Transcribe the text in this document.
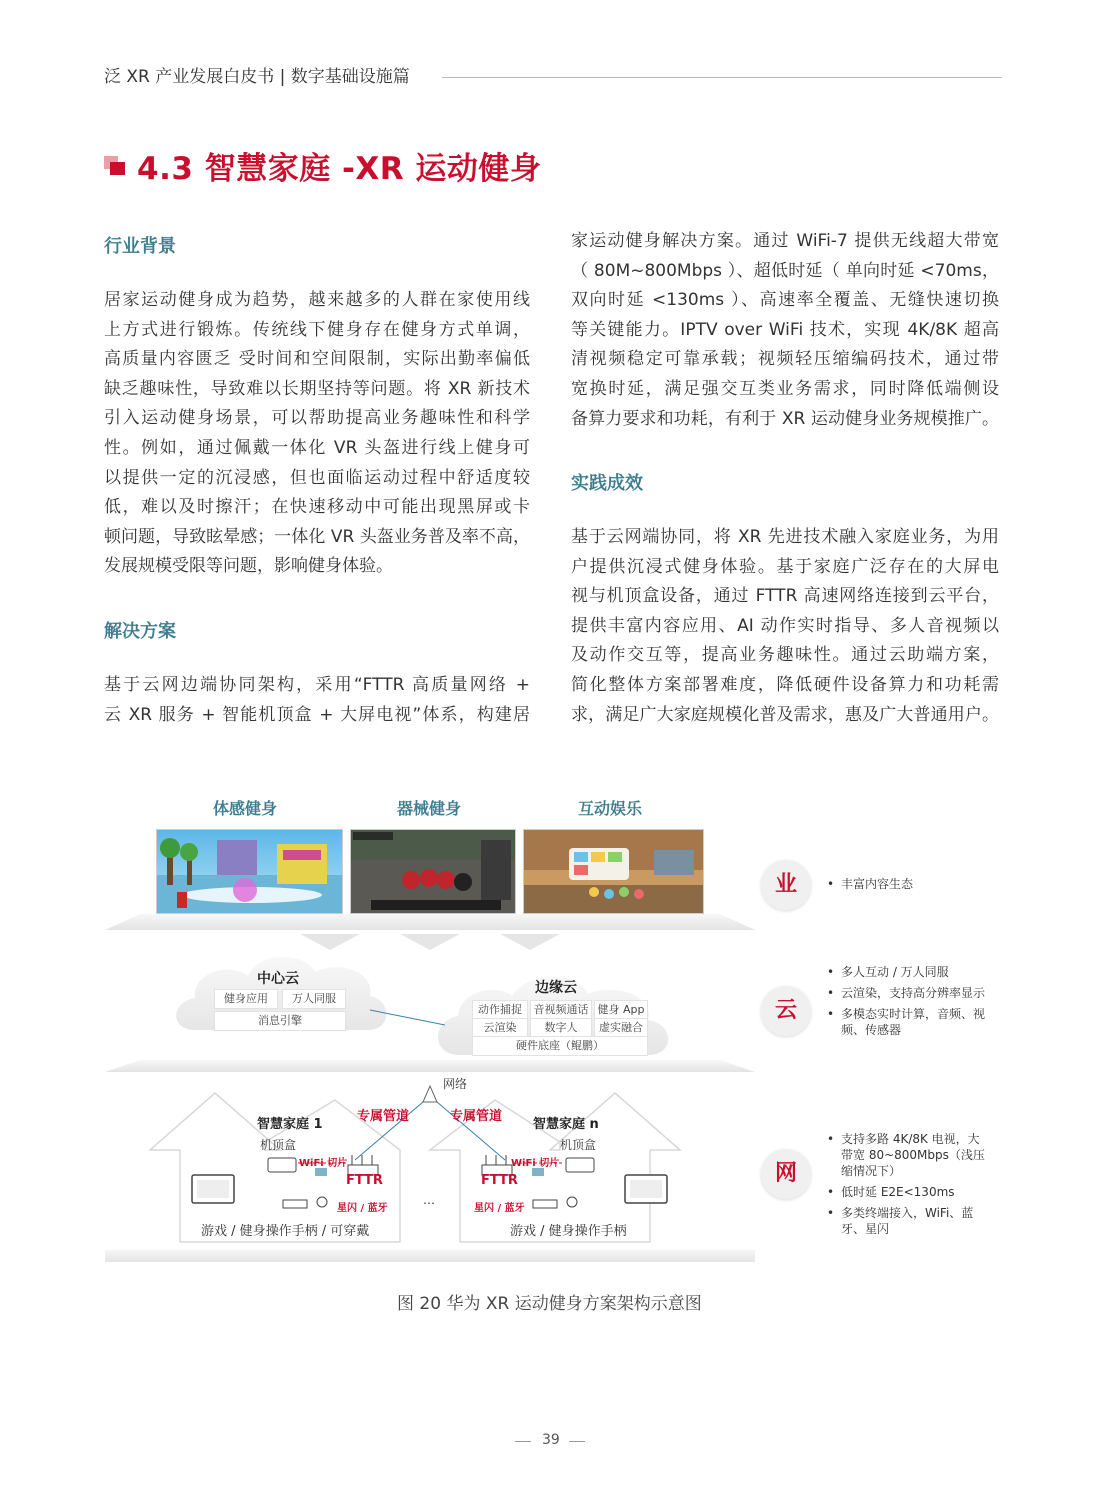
泛 XR 产业发展白皮书 | 数字基础设施篇
4.3 智慧家庭 -XR 运动健身
行业背景
居家运动健身成为趋势，越来越多的人群在家使用线
上方式进行锻炼。传统线下健身存在健身方式单调，
高质量内容匮乏 受时间和空间限制，实际出勤率偏低
缺乏趣味性，导致难以长期坚持等问题。将 XR 新技术
引入运动健身场景，可以帮助提高业务趣味性和科学
性。例如，通过佩戴一体化 VR 头盔进行线上健身可
以提供一定的沉浸感，但也面临运动过程中舒适度较
低，难以及时擦汗；在快速移动中可能出现黑屏或卡
顿问题，导致眩晕感；一体化 VR 头盔业务普及率不高，
发展规模受限等问题，影响健身体验。
解决方案
基于云网边端协同架构，采用“FTTR 高质量网络 +
云 XR 服务 + 智能机顶盒 + 大屏电视”体系，构建居
家运动健身解决方案。通过 WiFi-7 提供无线超大带宽
（ 80M~800Mbps ）、超低时延（ 单向时延 <70ms，
双向时延 <130ms ）、高速率全覆盖、无缝快速切换
等关键能力。IPTV over WiFi 技术，实现 4K/8K 超高
清视频稳定可靠承载；视频轻压缩编码技术，通过带
宽换时延，满足强交互类业务需求，同时降低端侧设
备算力要求和功耗，有利于 XR 运动健身业务规模推广。
实践成效
基于云网端协同，将 XR 先进技术融入家庭业务，为用
户提供沉浸式健身体验。基于家庭广泛存在的大屏电
视与机顶盒设备，通过 FTTR 高速网络连接到云平台，
提供丰富内容应用、AI 动作实时指导、多人音视频以
及动作交互等，提高业务趣味性。通过云助端方案，
简化整体方案部署难度，降低硬件设备算力和功耗需
求，满足广大家庭规模化普及需求，惠及广大普通用户。
体感健身	器械健身	互动娱乐
中心云
健身应用	万人同服
消息引擎
边缘云
动作捕捉	音视频通话 健身 App
云渲染	数字人	虚实融合
硬件底座（鲲鹏）
网络
专属管道	专属管道
智慧家庭 1
机顶盒
WiFi 切片
FTTR
星闪 / 蓝牙
游戏 / 健身操作手柄 / 可穿戴
…
智慧家庭 n
机顶盒
WiFi 切片
FTTR
星闪 / 蓝牙
游戏 / 健身操作手柄
业
•	丰富内容生态
云
• 多人互动 / 万人同服
• 云渲染，支持高分辨率显示
• 多模态实时计算，音频、视频、传感器
网
• 支持多路 4K/8K 电视，大带宽 80~800Mbps（浅压缩情况下）
• 低时延 E2E<130ms
• 多类终端接入，WiFi、蓝牙、星闪
图 20 华为 XR 运动健身方案架构示意图
39
